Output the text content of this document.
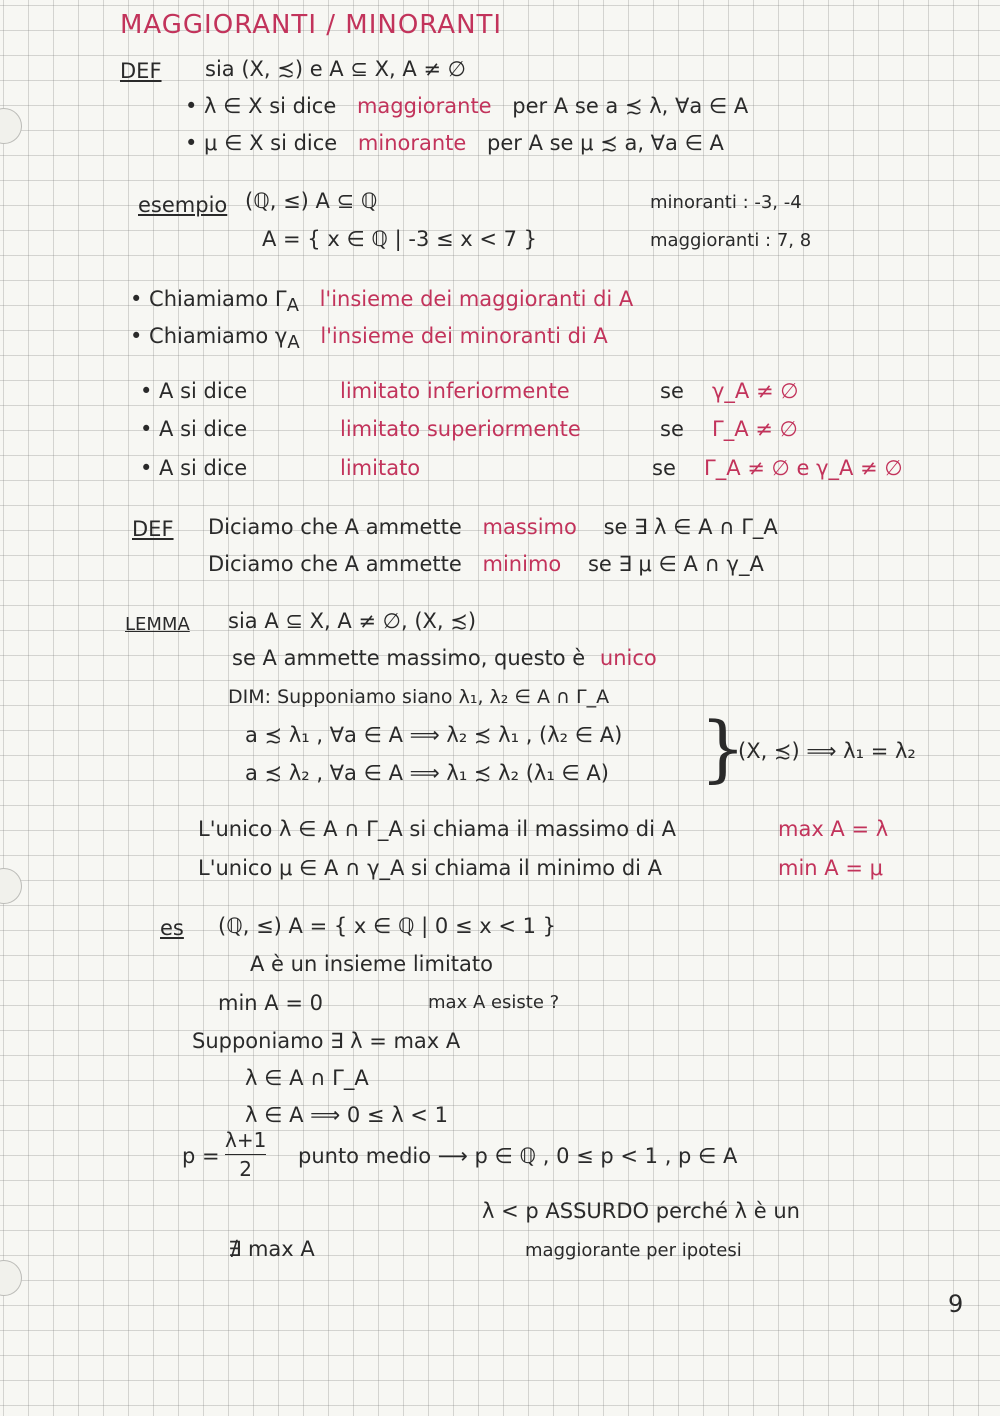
MAGGIORANTI / MINORANTI
DEF sia (X, ≾) e A ⊆ X, A ≠ ∅
• λ ∈ X si dice maggiorante per A se a ≾ λ, ∀a ∈ A
• μ ∈ X si dice minorante per A se μ ≾ a, ∀a ∈ A
esempio (ℚ, ≤) A ⊆ ℚ
A = { x ∈ ℚ | -3 ≤ x < 7 }
minoranti : -3, -4
maggioranti : 7, 8
• Chiamiamo $\Gamma_A$ l'insieme dei maggioranti di A
• Chiamiamo $\gamma_A$ l'insieme dei minoranti di A
• A si dice	limitato inferiormente	se γ_A ≠ ∅
• A si dice	limitato superiormente	se Γ_A ≠ ∅
• A si dice	limitato	se Γ_A ≠ ∅ e γ_A ≠ ∅
DEF Diciamo che A ammette massimo se ∃ λ ∈ A ∩ Γ_A
Diciamo che A ammette minimo se ∃ μ ∈ A ∩ γ_A
LEMMA sia A ⊆ X, A ≠ ∅, (X, ≾)
se A ammette massimo, questo è unico
DIM: Supponiamo siano λ₁, λ₂ ∈ A ∩ Γ_A
a ≾ λ₁ , ∀a ∈ A ⟹ λ₂ ≾ λ₁ , (λ₂ ∈ A)
a ≾ λ₂ , ∀a ∈ A ⟹ λ₁ ≾ λ₂ (λ₁ ∈ A) }
(X, ≾) ⟹ λ₁ = λ₂
L'unico λ ∈ A ∩ Γ_A si chiama il massimo di A	max A = λ
L'unico μ ∈ A ∩ γ_A si chiama il minimo di A	min A = μ
es (ℚ, ≤) A = { x ∈ ℚ | 0 ≤ x < 1 }
A è un insieme limitato
min A = 0	max A esiste ?
Supponiamo ∃ λ = max A
λ ∈ A ∩ Γ_A
λ ∈ A ⟹ 0 ≤ λ < 1
p =
λ+1
2
punto medio ⟶ p ∈ ℚ , 0 ≤ p < 1 , p ∈ A
λ < p ASSURDO perché λ è un
maggiorante per ipotesi
∄ max A
9
